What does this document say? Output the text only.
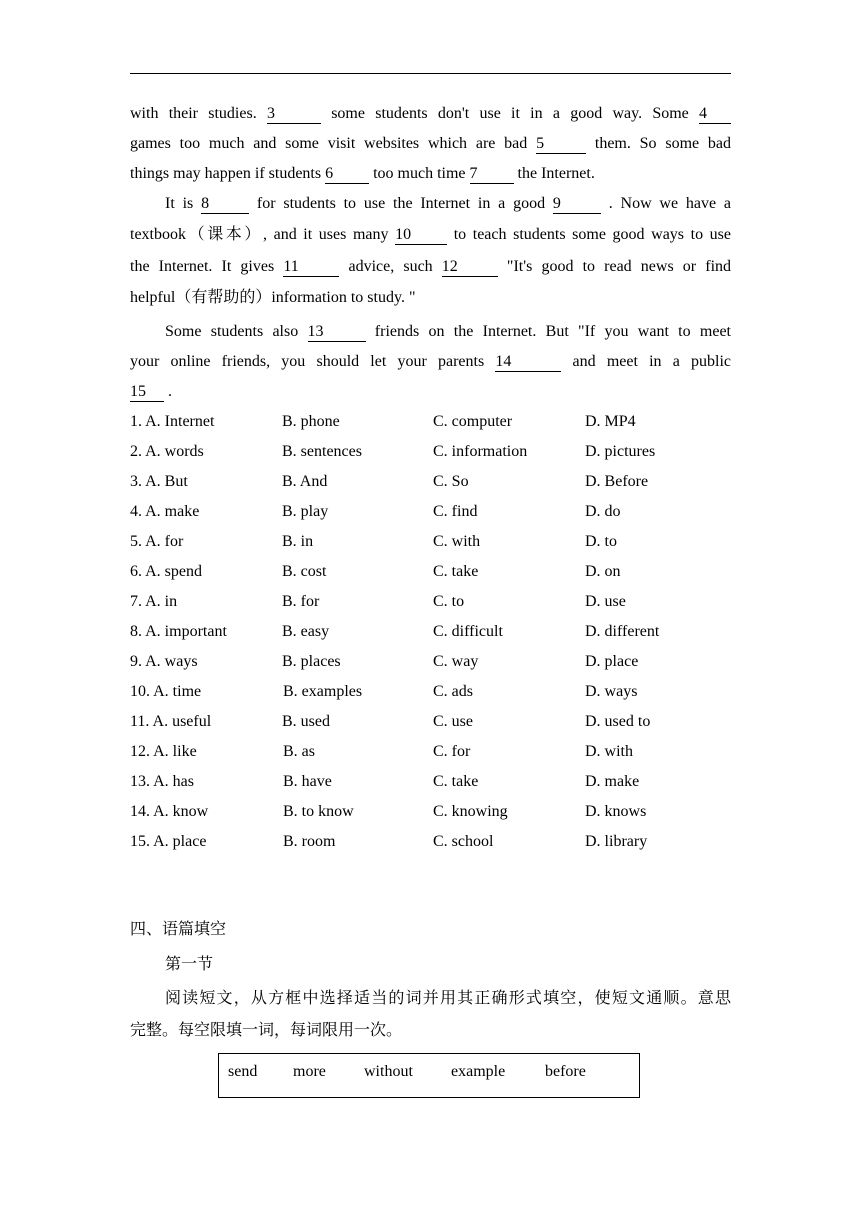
with their studies. 3	some students don't use it in a good way. Some 4
games too much and some visit websites which are bad 5	them. So some bad
things may happen if students 6 too much time 7 the Internet.
It is 8	for students to use the Internet in a good 9	. Now we have a
textbook（课本）, and it uses many 10 to teach students some good ways to use
the Internet. It gives 11	advice, such 12	"It's good to read news or find
helpful（有帮助的）information to study. "
Some students also 13	friends on the Internet. But "If you want to meet
your online friends, you should let your parents 14	and meet in a public
15 .
1. A. Internet	B. phone	C. computer	D. MP4
2. A. words	B. sentences	C. information	D. pictures
3. A. But	B. And	C. So	D. Before
4. A. make	B. play	C. find	D. do
5. A. for	B. in	C. with	D. to
6. A. spend	B. cost	C. take	D. on
7. A. in	B. for	C. to	D. use
8. A. important	B. easy	C. difficult	D. different
9. A. ways	B. places	C. way	D. place
10. A. time	B. examples	C. ads	D. ways
11. A. useful	B. used	C. use	D. used to
12. A. like	B. as	C. for	D. with
13. A. has	B. have	C. take	D. make
14. A. know	B. to know	C. knowing	D. knows
15. A. place	B. room	C. school	D. library
四、语篇填空
第一节
阅读短文，从方框中选择适当的词并用其正确形式填空，使短文通顺。意思
完整。每空限填一词，每词限用一次。
send more without example before
